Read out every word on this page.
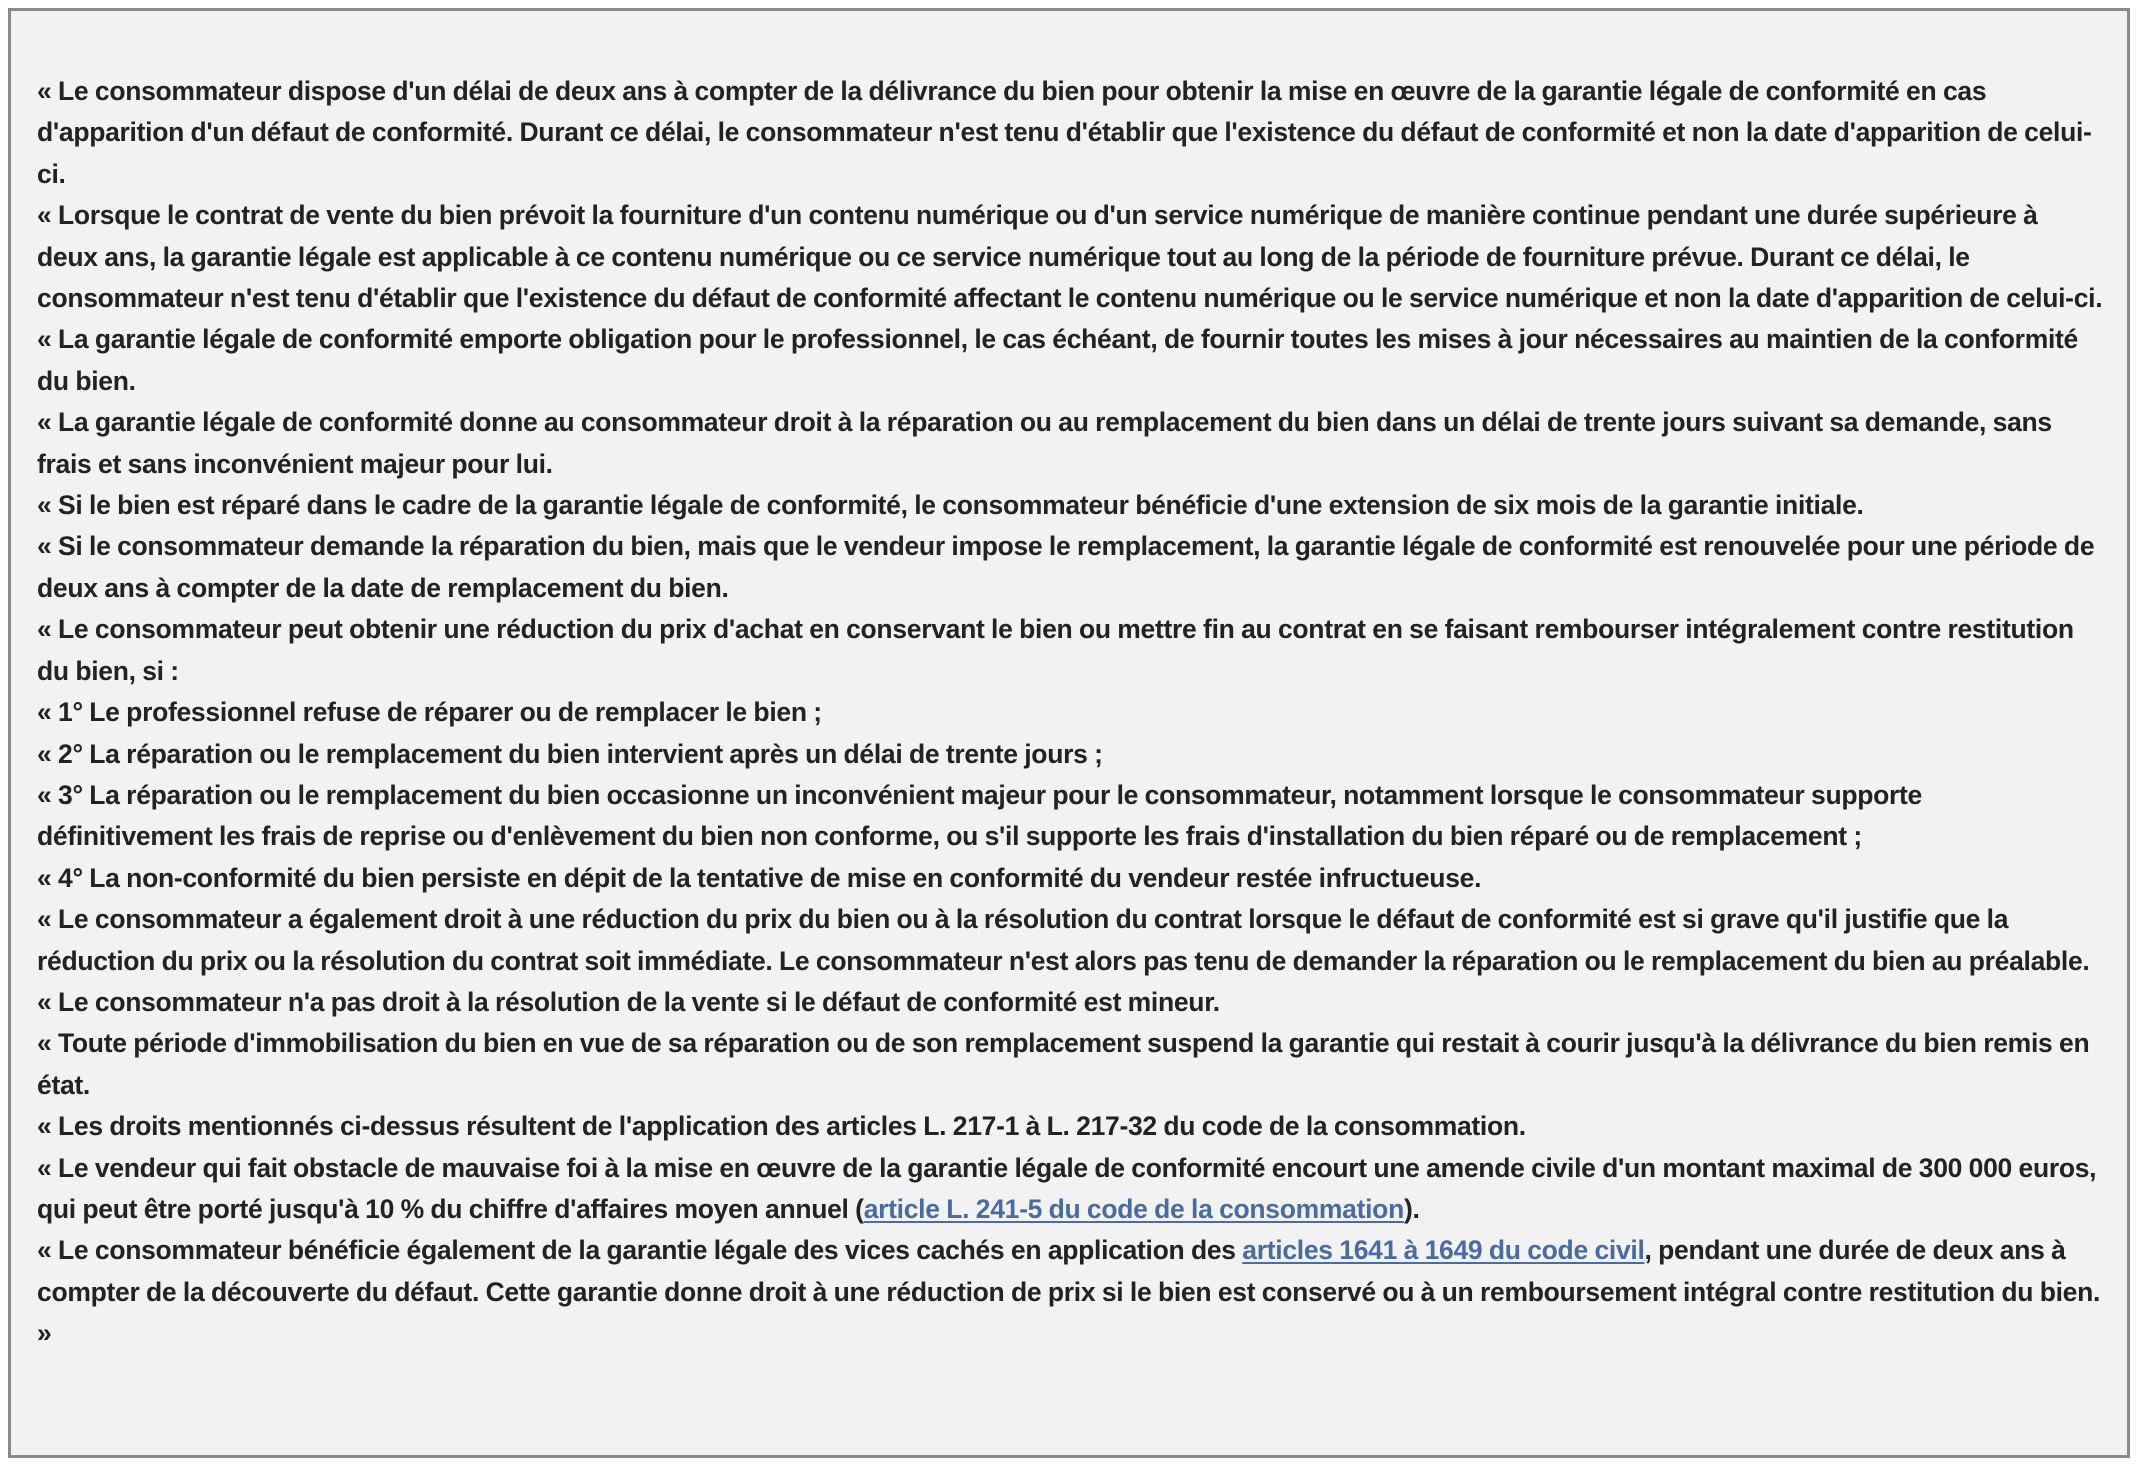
« Le consommateur dispose d'un délai de deux ans à compter de la délivrance du bien pour obtenir la mise en œuvre de la garantie légale de conformité en cas d'apparition d'un défaut de conformité. Durant ce délai, le consommateur n'est tenu d'établir que l'existence du défaut de conformité et non la date d'apparition de celui-ci.

« Lorsque le contrat de vente du bien prévoit la fourniture d'un contenu numérique ou d'un service numérique de manière continue pendant une durée supérieure à deux ans, la garantie légale est applicable à ce contenu numérique ou ce service numérique tout au long de la période de fourniture prévue. Durant ce délai, le consommateur n'est tenu d'établir que l'existence du défaut de conformité affectant le contenu numérique ou le service numérique et non la date d'apparition de celui-ci.

« La garantie légale de conformité emporte obligation pour le professionnel, le cas échéant, de fournir toutes les mises à jour nécessaires au maintien de la conformité du bien.

« La garantie légale de conformité donne au consommateur droit à la réparation ou au remplacement du bien dans un délai de trente jours suivant sa demande, sans frais et sans inconvénient majeur pour lui.

« Si le bien est réparé dans le cadre de la garantie légale de conformité, le consommateur bénéficie d'une extension de six mois de la garantie initiale.

« Si le consommateur demande la réparation du bien, mais que le vendeur impose le remplacement, la garantie légale de conformité est renouvelée pour une période de deux ans à compter de la date de remplacement du bien.

« Le consommateur peut obtenir une réduction du prix d'achat en conservant le bien ou mettre fin au contrat en se faisant rembourser intégralement contre restitution du bien, si :

« 1° Le professionnel refuse de réparer ou de remplacer le bien ;

« 2° La réparation ou le remplacement du bien intervient après un délai de trente jours ;

« 3° La réparation ou le remplacement du bien occasionne un inconvénient majeur pour le consommateur, notamment lorsque le consommateur supporte définitivement les frais de reprise ou d'enlèvement du bien non conforme, ou s'il supporte les frais d'installation du bien réparé ou de remplacement ;

« 4° La non-conformité du bien persiste en dépit de la tentative de mise en conformité du vendeur restée infructueuse.

« Le consommateur a également droit à une réduction du prix du bien ou à la résolution du contrat lorsque le défaut de conformité est si grave qu'il justifie que la réduction du prix ou la résolution du contrat soit immédiate. Le consommateur n'est alors pas tenu de demander la réparation ou le remplacement du bien au préalable.

« Le consommateur n'a pas droit à la résolution de la vente si le défaut de conformité est mineur.

« Toute période d'immobilisation du bien en vue de sa réparation ou de son remplacement suspend la garantie qui restait à courir jusqu'à la délivrance du bien remis en état.

« Les droits mentionnés ci-dessus résultent de l'application des articles L. 217-1 à L. 217-32 du code de la consommation.

« Le vendeur qui fait obstacle de mauvaise foi à la mise en œuvre de la garantie légale de conformité encourt une amende civile d'un montant maximal de 300 000 euros, qui peut être porté jusqu'à 10 % du chiffre d'affaires moyen annuel (article L. 241-5 du code de la consommation).

« Le consommateur bénéficie également de la garantie légale des vices cachés en application des articles 1641 à 1649 du code civil, pendant une durée de deux ans à compter de la découverte du défaut. Cette garantie donne droit à une réduction de prix si le bien est conservé ou à un remboursement intégral contre restitution du bien. »
